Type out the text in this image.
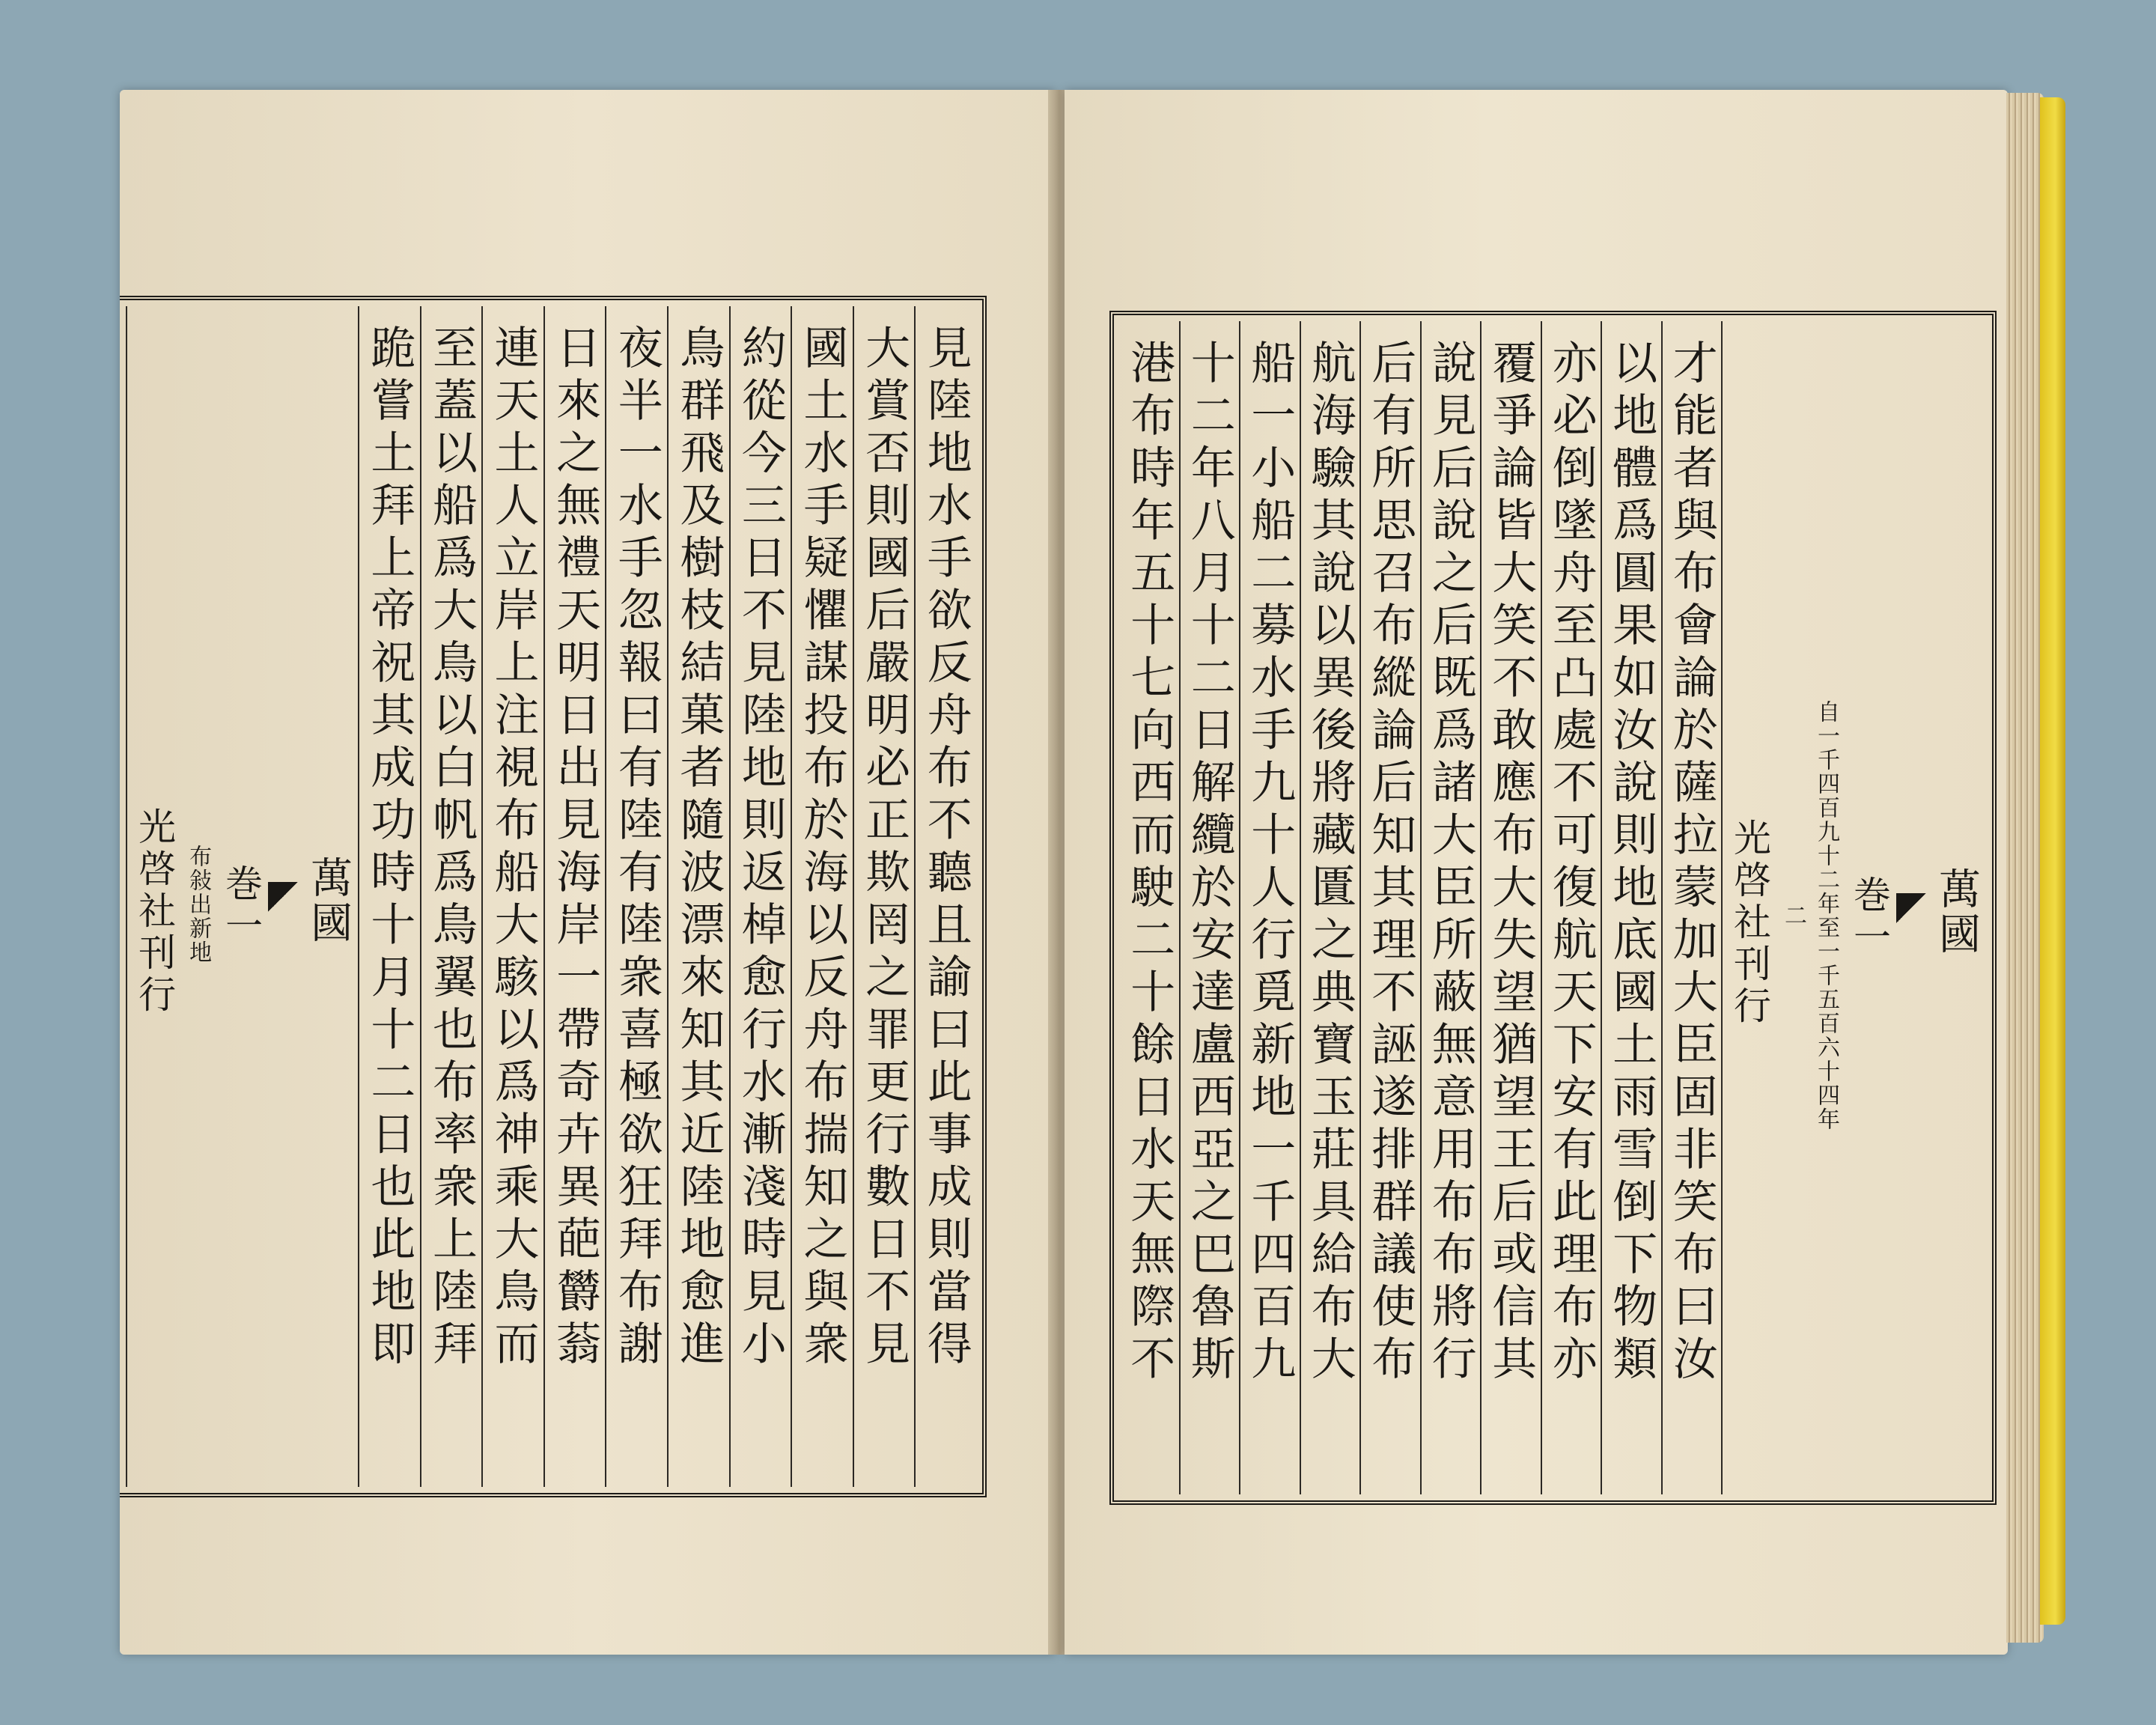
見陸地水手欲反舟布不聽且諭曰此事成則當得
大賞否則國后嚴明必正欺罔之罪更行數日不見
國土水手疑懼謀投布於海以反舟布揣知之與衆
約從今三日不見陸地則返棹愈行水漸淺時見小
鳥群飛及樹枝結菓者隨波漂來知其近陸地愈進
夜半一水手忽報曰有陸有陸衆喜極欲狂拜布謝
日來之無禮天明日出見海岸一帶奇卉異葩欝蓊
連天土人立岸上注視布船大駭以爲神乘大鳥而
至蓋以船爲大鳥以白帆爲鳥翼也布率衆上陸拜
跪嘗土拜上帝祝其成功時十月十二日也此地即
萬國
巻一
布敍出新地
光啓社刊行	萬國
巻一
自一千四百九十二年至一千五百六十四年
二
光啓社刊行
才能者與布會論於薩拉蒙加大臣固非笑布曰汝
以地體爲圓果如汝說則地底國土雨雪倒下物類
亦必倒墜舟至凸處不可復航天下安有此理布亦
覆爭論皆大笑不敢應布大失望猶望王后或信其
說見后說之后既爲諸大臣所蔽無意用布布將行
后有所思召布縱論后知其理不誣遂排群議使布
航海驗其說以異後將藏匱之典寶玉莊具給布大
船一小船二募水手九十人行覓新地一千四百九
十二年八月十二日解纜於安達盧西亞之巴魯斯
港布時年五十七向西而駛二十餘日水天無際不
